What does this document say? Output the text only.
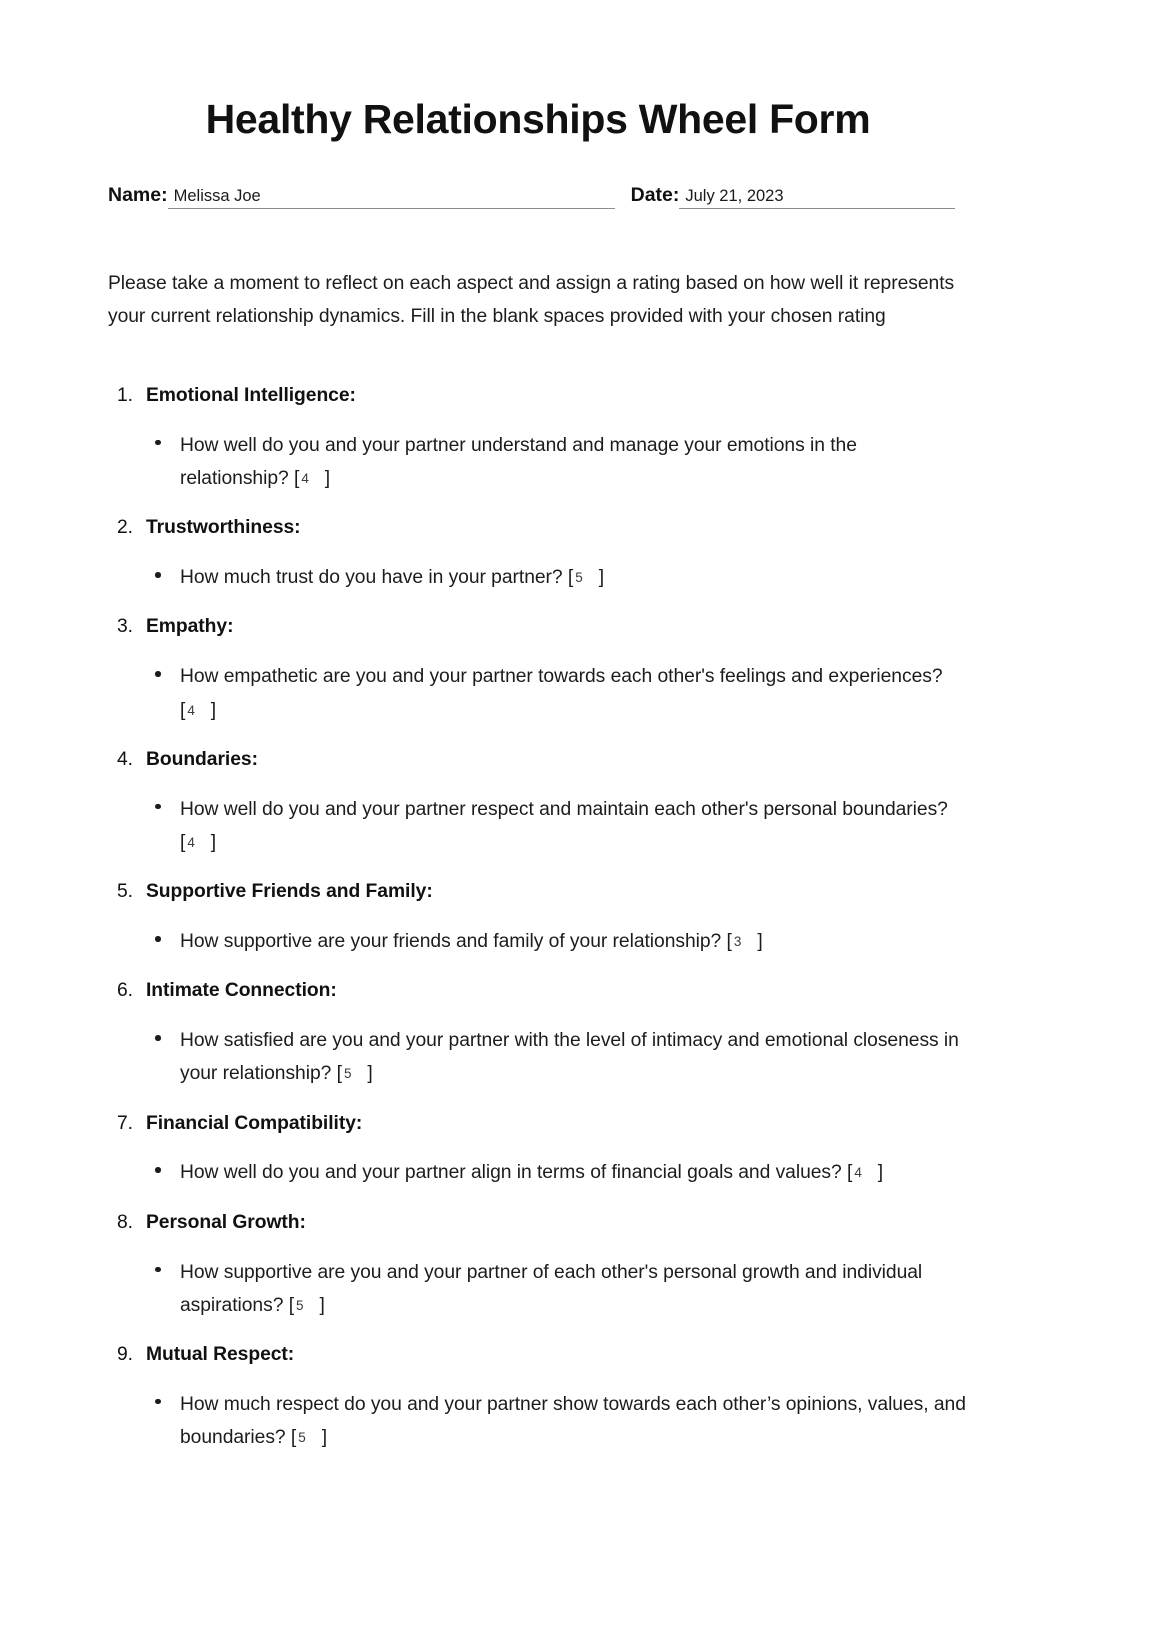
Healthy Relationships Wheel Form
Name: Melissa Joe	Date: July 21, 2023

Please take a moment to reflect on each aspect and assign a rating based on how well it represents your current relationship dynamics. Fill in the blank spaces provided with your chosen rating

1. Emotional Intelligence:
How well do you and your partner understand and manage your emotions in the relationship? [ 4 ]
2. Trustworthiness:
How much trust do you have in your partner? [ 5 ]
3. Empathy:
How empathetic are you and your partner towards each other's feelings and experiences? [ 4 ]
4. Boundaries:
How well do you and your partner respect and maintain each other's personal boundaries? [ 4 ]
5. Supportive Friends and Family:
How supportive are your friends and family of your relationship? [ 3 ]
6. Intimate Connection:
How satisfied are you and your partner with the level of intimacy and emotional closeness in your relationship? [ 5 ]
7. Financial Compatibility:
How well do you and your partner align in terms of financial goals and values? [ 4 ]
8. Personal Growth:
How supportive are you and your partner of each other's personal growth and individual aspirations? [ 5 ]
9. Mutual Respect:
How much respect do you and your partner show towards each other’s opinions, values, and boundaries? [ 5 ]
